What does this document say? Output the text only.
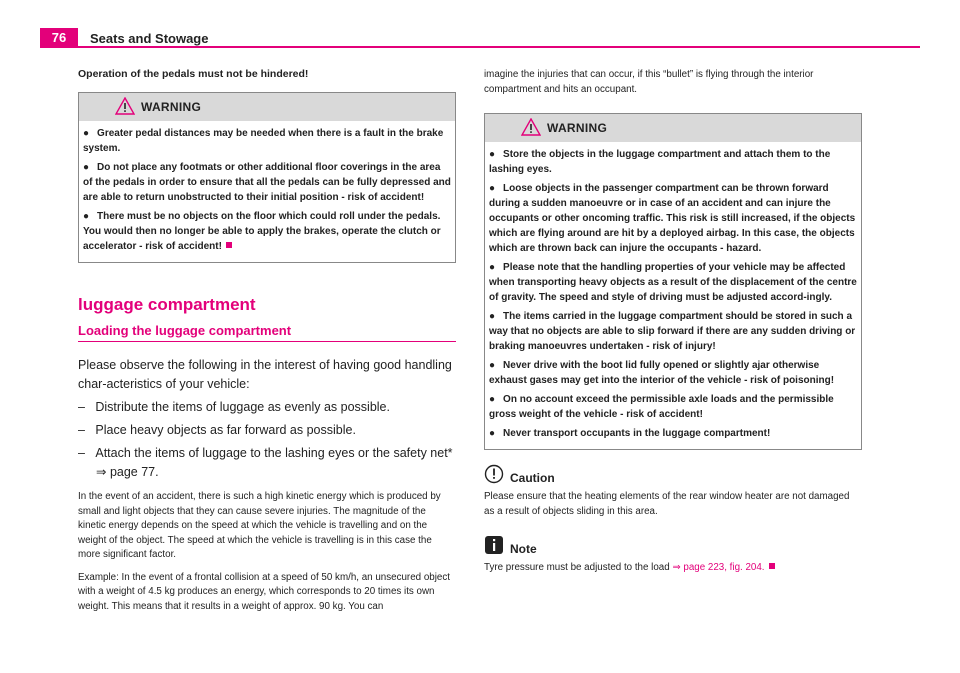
76	Seats and Stowage

Operation of the pedals must not be hindered!

WARNING
● Greater pedal distances may be needed when there is a fault in the brake system.
● Do not place any footmats or other additional floor coverings in the area of the pedals in order to ensure that all the pedals can be fully depressed and are able to return unobstructed to their initial position - risk of accident!
● There must be no objects on the floor which could roll under the pedals. You would then no longer be able to apply the brakes, operate the clutch or accelerator - risk of accident!
luggage compartment
Loading the luggage compartment

Please observe the following in the interest of having good handling char-acteristics of your vehicle:

–   Distribute the items of luggage as evenly as possible.
–   Place heavy objects as far forward as possible.
–   Attach the items of luggage to the lashing eyes or the safety net*
⇒ page 77.

In the event of an accident, there is such a high kinetic energy which is produced by small and light objects that they can cause severe injuries. The magnitude of the kinetic energy depends on the speed at which the vehicle is travelling and on the weight of the object. The speed at which the vehicle is travelling is in this case the more significant factor.

Example: In the event of a frontal collision at a speed of 50 km/h, an unsecured object with a weight of 4.5 kg produces an energy, which corresponds to 20 times its own weight. This means that it results in a weight of approx. 90 kg. You can

imagine the injuries that can occur, if this “bullet” is flying through the interior compartment and hits an occupant.

WARNING
● Store the objects in the luggage compartment and attach them to the lashing eyes.
● Loose objects in the passenger compartment can be thrown forward during a sudden manoeuvre or in case of an accident and can injure the occupants or other oncoming traffic. This risk is still increased, if the objects which are flying around are hit by a deployed airbag. In this case, the objects which are thrown back can injure the occupants - hazard.
● Please note that the handling properties of your vehicle may be affected when transporting heavy objects as a result of the displacement of the centre of gravity. The speed and style of driving must be adjusted accord-ingly.
● The items carried in the luggage compartment should be stored in such a way that no objects are able to slip forward if there are any sudden driving or braking manoeuvres undertaken - risk of injury!
● Never drive with the boot lid fully opened or slightly ajar otherwise exhaust gases may get into the interior of the vehicle - risk of poisoning!
● On no account exceed the permissible axle loads and the permissible gross weight of the vehicle - risk of accident!
● Never transport occupants in the luggage compartment!
Caution

Please ensure that the heating elements of the rear window heater are not damaged as a result of objects sliding in this area.

Note

Tyre pressure must be adjusted to the load ⇒ page 223, fig. 204.
